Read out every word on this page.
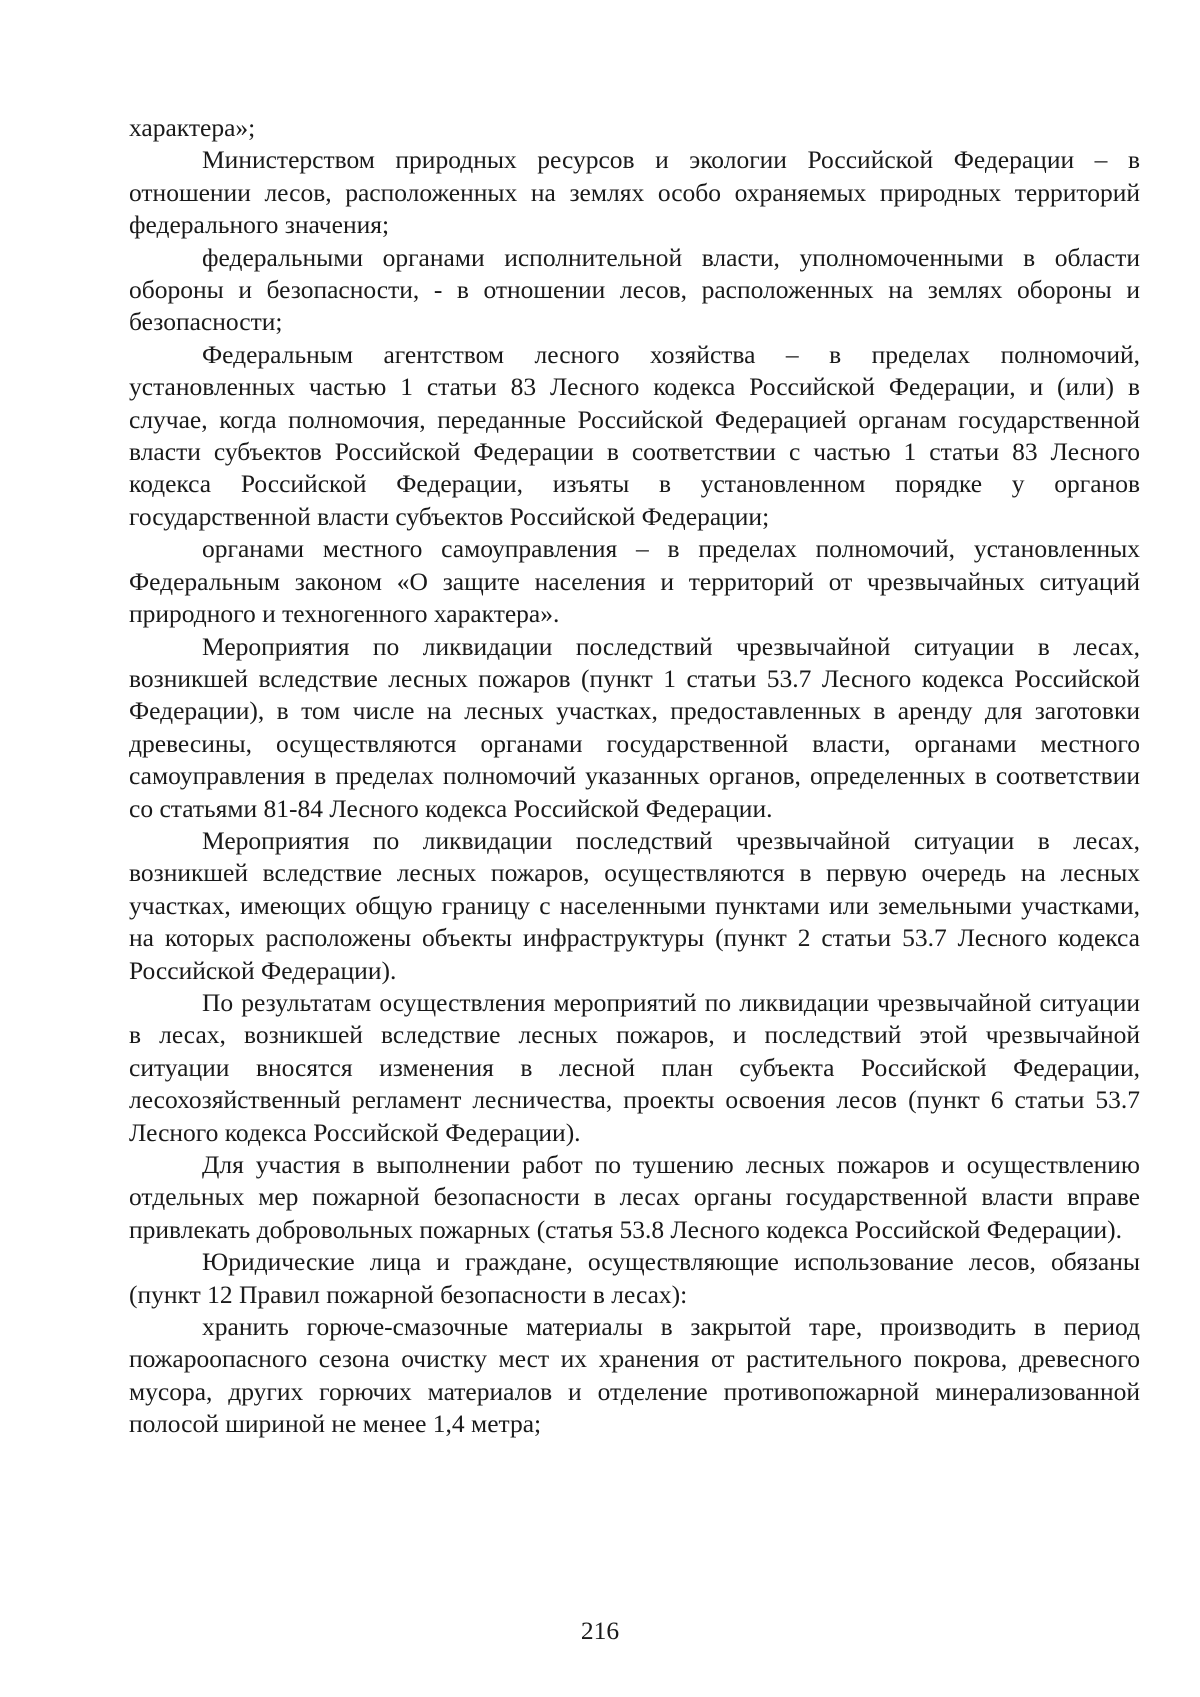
характера»;

Министерством природных ресурсов и экологии Российской Федерации – в отношении лесов, расположенных на землях особо охраняемых природных территорий федерального значения;

федеральными органами исполнительной власти, уполномоченными в области обороны и безопасности, - в отношении лесов, расположенных на землях обороны и безопасности;

Федеральным агентством лесного хозяйства – в пределах полномочий, установленных частью 1 статьи 83 Лесного кодекса Российской Федерации, и (или) в случае, когда полномочия, переданные Российской Федерацией органам государственной власти субъектов Российской Федерации в соответствии с частью 1 статьи 83 Лесного кодекса Российской Федерации, изъяты в установленном порядке у органов государственной власти субъектов Российской Федерации;

органами местного самоуправления – в пределах полномочий, установленных Федеральным законом «О защите населения и территорий от чрезвычайных ситуаций природного и техногенного характера».

Мероприятия по ликвидации последствий чрезвычайной ситуации в лесах, возникшей вследствие лесных пожаров (пункт 1 статьи 53.7 Лесного кодекса Российской Федерации), в том числе на лесных участках, предоставленных в аренду для заготовки древесины, осуществляются органами государственной власти, органами местного самоуправления в пределах полномочий указанных органов, определенных в соответствии со статьями 81-84 Лесного кодекса Российской Федерации.

Мероприятия по ликвидации последствий чрезвычайной ситуации в лесах, возникшей вследствие лесных пожаров, осуществляются в первую очередь на лесных участках, имеющих общую границу с населенными пунктами или земельными участками, на которых расположены объекты инфраструктуры (пункт 2 статьи 53.7 Лесного кодекса Российской Федерации).

По результатам осуществления мероприятий по ликвидации чрезвычайной ситуации в лесах, возникшей вследствие лесных пожаров, и последствий этой чрезвычайной ситуации вносятся изменения в лесной план субъекта Российской Федерации, лесохозяйственный регламент лесничества, проекты освоения лесов (пункт 6 статьи 53.7 Лесного кодекса Российской Федерации).

Для участия в выполнении работ по тушению лесных пожаров и осуществлению отдельных мер пожарной безопасности в лесах органы государственной власти вправе привлекать добровольных пожарных (статья 53.8 Лесного кодекса Российской Федерации).

Юридические лица и граждане, осуществляющие использование лесов, обязаны (пункт 12 Правил пожарной безопасности в лесах):

хранить горюче-смазочные материалы в закрытой таре, производить в период пожароопасного сезона очистку мест их хранения от растительного покрова, древесного мусора, других горючих материалов и отделение противопожарной минерализованной полосой шириной не менее 1,4 метра;

216
